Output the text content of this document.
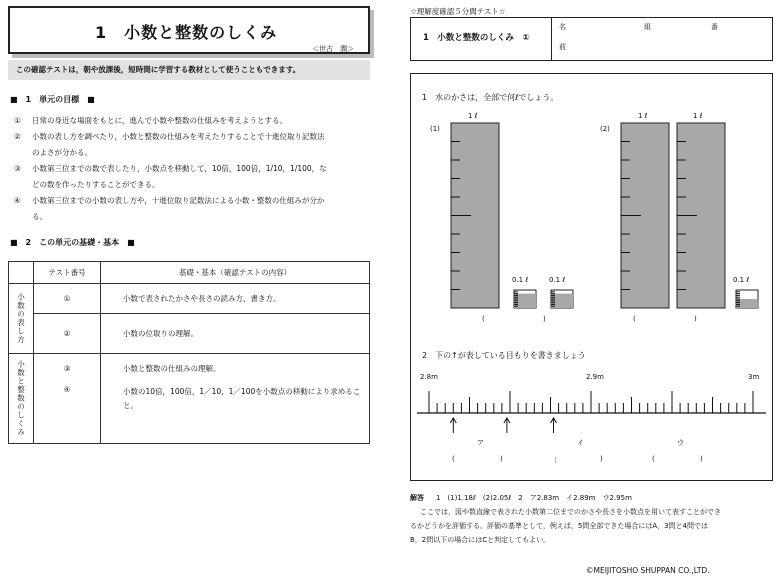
1　小数と整数のしくみ
＜世古　潤＞
この確認テストは，朝や放課後，短時間に学習する教材として使うこともできます。
■　1　単元の目標　■
① 日常の身近な場面をもとに，進んで小数や整数の仕組みを考えようとする。
② 小数の表し方を調べたり，小数と整数の仕組みを考えたりすることで十進位取り記数法
のよさが分かる。
③ 小数第三位までの数で表したり，小数点を移動して，10倍，100倍，1/10，1/100，な
どの数を作ったりすることができる。
④ 小数第三位までの小数の表し方や，十進位取り記数法による小数・整数の仕組みが分か
る。
■　2　この単元の基礎・基本　■
	テスト番号	基礎・基本（確認テストの内容）

小数の表し方	①	小数で表されたかさや長さの読み方，書き方。
	②	小数の位取りの理解。

小数と整数のしくみ	③	小数と整数の仕組みの理解。
	④	小数の10倍，100倍，1／10，1／100を小数点の移動により求めるこ
と。
☆理解度確認５分間テスト☆
1　小数と整数のしくみ　①
名
前
組	番
1　水のかさは，全部で何ℓでしょう。
(1)	(2)
1 ℓ	1 ℓ	1 ℓ
0.1 ℓ	0.1 ℓ	0.1 ℓ
(	)	(	)
2　下の↑が表している目もりを書きましょう
2.8m	2.9m	3m
ア	イ	ウ
(	)	〔	)	(	)
解答 1　(1)1.18ℓ　(2)2.05ℓ　2　ア2.83m　イ2.89m　ウ2.95m
ここでは，図や数直線で表された小数第二位までのかさや長さを小数点を用いて表すことができ
るかどうかを評価する。評価の基準として，例えば，5問全部できた場合にはA，3問と4問では
B，2問以下の場合にはCと判定してもよい。
©MEIJITOSHO SHUPPAN CO.,LTD.
